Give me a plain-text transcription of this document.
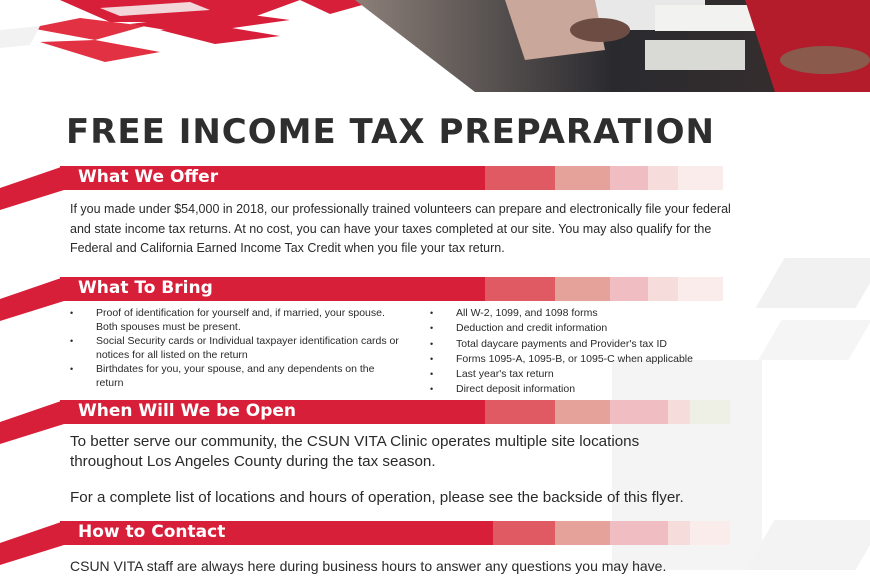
FREE INCOME TAX PREPARATION
What We Offer
If you made under $54,000 in 2018, our professionally trained volunteers can prepare and electronically file your federal and state income tax returns. At no cost, you can have your taxes completed at our site. You may also qualify for the Federal and California Earned Income Tax Credit when you file your tax return.
What To Bring
• Proof of identification for yourself and, if married, your spouse. Both spouses must be present.
• Social Security cards or Individual taxpayer identification cards or notices for all listed on the return
• Birthdates for you, your spouse, and any dependents on the return
• All W-2, 1099, and 1098 forms
• Deduction and credit information
• Total daycare payments and Provider's tax ID
• Forms 1095-A, 1095-B, or 1095-C when applicable
• Last year's tax return
• Direct deposit information
When Will We be Open
To better serve our community, the CSUN VITA Clinic operates multiple site locations
throughout Los Angeles County during the tax season.
For a complete list of locations and hours of operation, please see the backside of this flyer.
How to Contact
CSUN VITA staff are always here during business hours to answer any questions you may have.
